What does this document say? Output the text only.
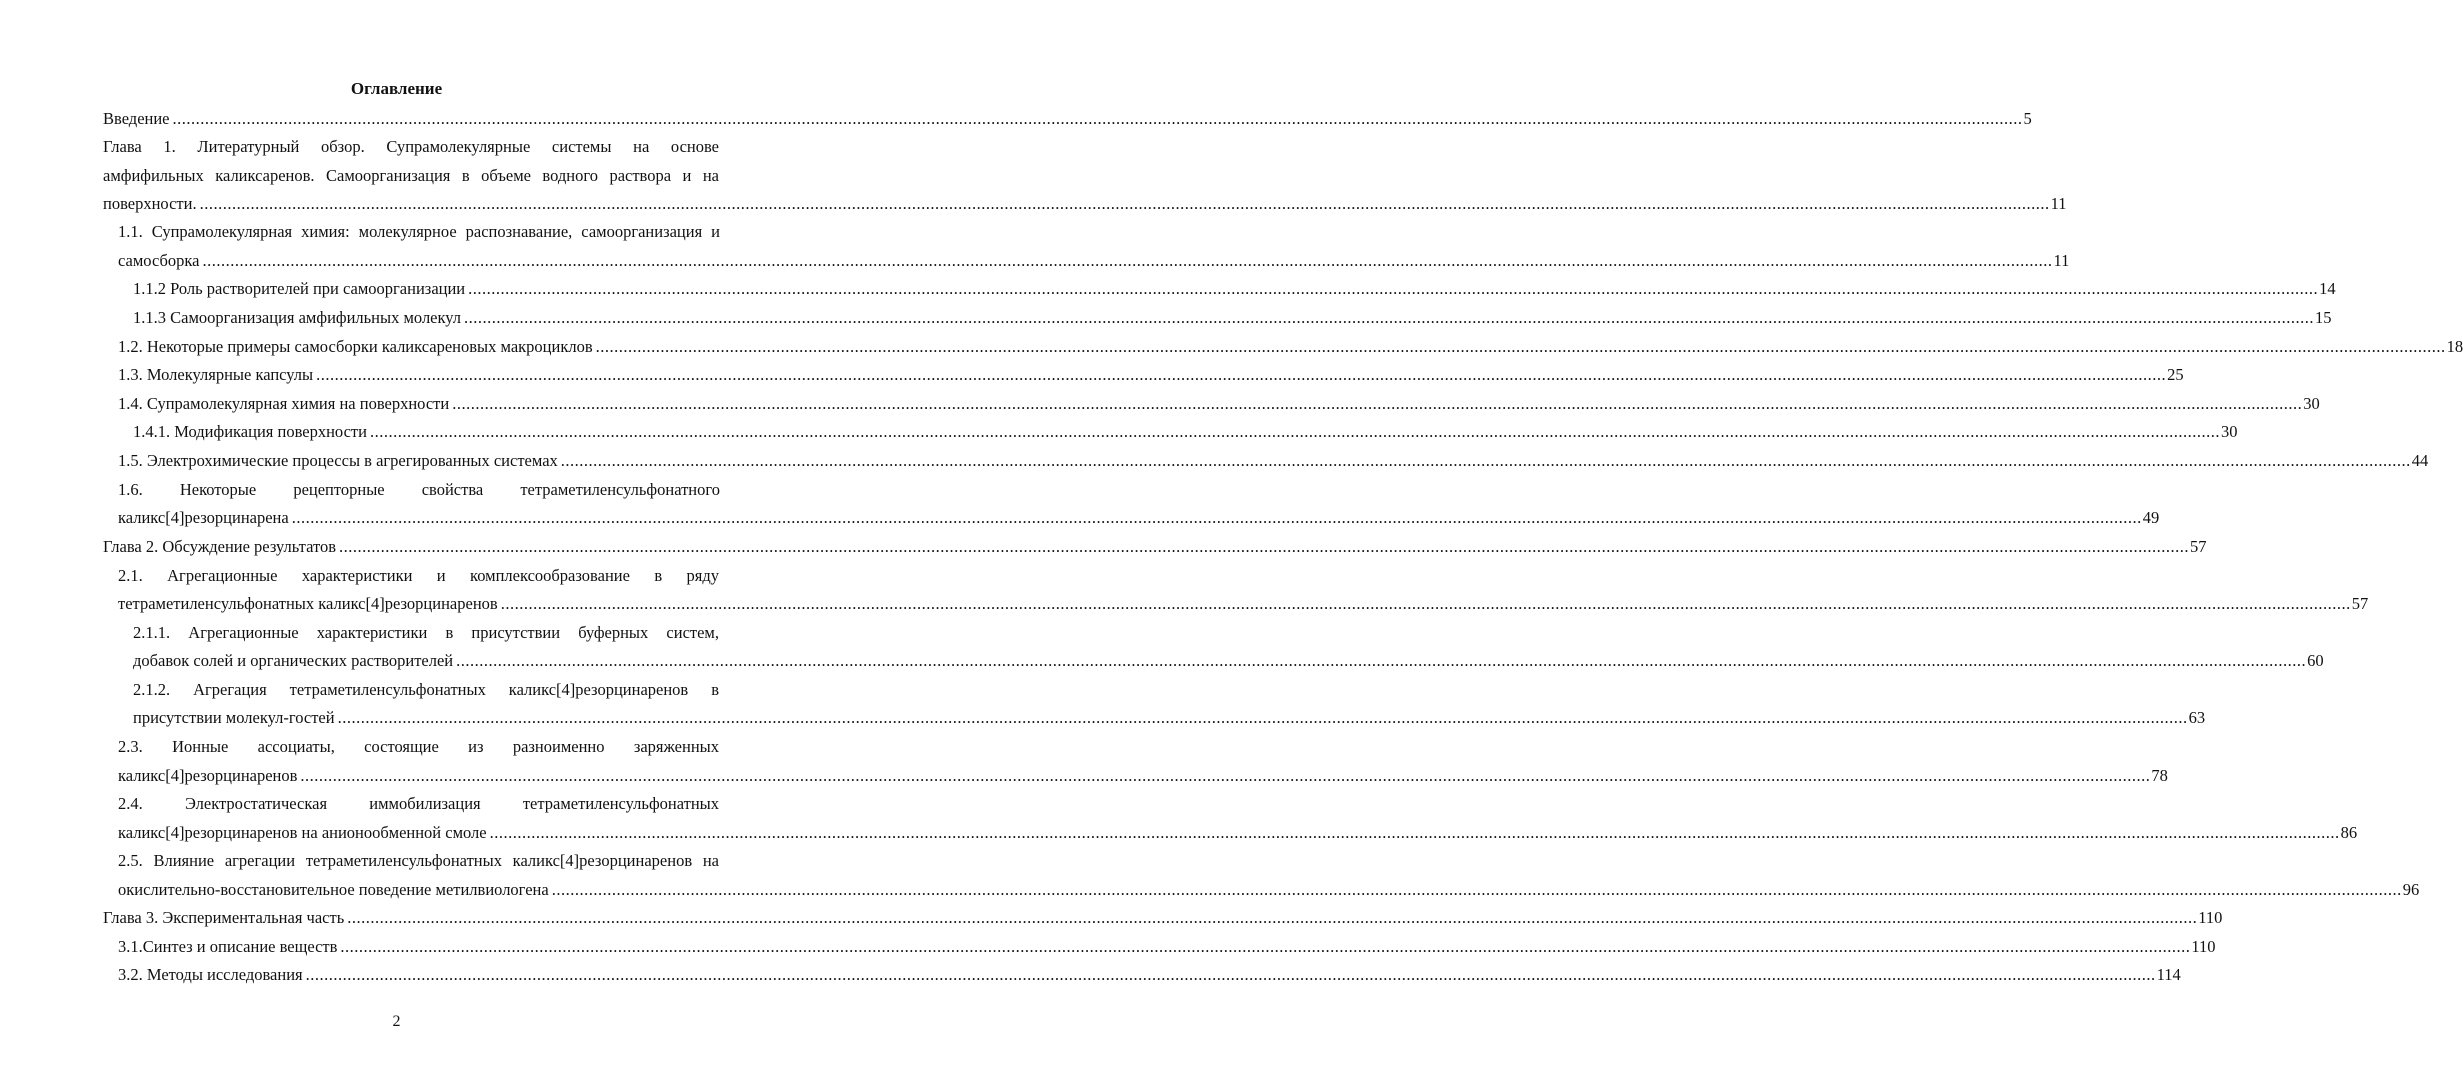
Оглавление
Введение ................................................................................................................................................................................................................................................................................................................................................................................................................ 5
Глава 1. Литературный обзор. Супрамолекулярные системы на основе
амфифильных каликсаренов. Самоорганизация в объеме водного раствора и на
поверхности. ................................................................................................................................................................................................................................................................................................................................................................................................................ 11
1.1. Супрамолекулярная химия: молекулярное распознавание, самоорганизация и
самосборка ................................................................................................................................................................................................................................................................................................................................................................................................................ 11
1.1.2 Роль растворителей при самоорганизации ................................................................................................................................................................................................................................................................................................................................................................................................................ 14
1.1.3 Самоорганизация амфифильных молекул ................................................................................................................................................................................................................................................................................................................................................................................................................ 15
1.2. Некоторые примеры самосборки каликсареновых макроциклов ................................................................................................................................................................................................................................................................................................................................................................................................................ 18
1.3. Молекулярные капсулы ................................................................................................................................................................................................................................................................................................................................................................................................................ 25
1.4. Супрамолекулярная химия на поверхности ................................................................................................................................................................................................................................................................................................................................................................................................................ 30
1.4.1. Модификация поверхности ................................................................................................................................................................................................................................................................................................................................................................................................................ 30
1.5. Электрохимические процессы в агрегированных системах ................................................................................................................................................................................................................................................................................................................................................................................................................ 44
1.6. Некоторые рецепторные свойства тетраметиленсульфонатного
каликс[4]резорцинарена ................................................................................................................................................................................................................................................................................................................................................................................................................ 49
Глава 2. Обсуждение результатов ................................................................................................................................................................................................................................................................................................................................................................................................................ 57
2.1. Агрегационные характеристики и комплексообразование в ряду
тетраметиленсульфонатных каликс[4]резорцинаренов ................................................................................................................................................................................................................................................................................................................................................................................................................ 57
2.1.1. Агрегационные характеристики в присутствии буферных систем,
добавок солей и органических растворителей ................................................................................................................................................................................................................................................................................................................................................................................................................ 60
2.1.2. Агрегация тетраметиленсульфонатных каликс[4]резорцинаренов в
присутствии молекул-гостей ................................................................................................................................................................................................................................................................................................................................................................................................................ 63
2.3. Ионные ассоциаты, состоящие из разноименно заряженных
каликс[4]резорцинаренов ................................................................................................................................................................................................................................................................................................................................................................................................................ 78
2.4. Электростатическая иммобилизация тетраметиленсульфонатных
каликс[4]резорцинаренов на анионообменной смоле ................................................................................................................................................................................................................................................................................................................................................................................................................ 86
2.5. Влияние агрегации тетраметиленсульфонатных каликс[4]резорцинаренов на
окислительно-восстановительное поведение метилвиологена ................................................................................................................................................................................................................................................................................................................................................................................................................ 96
Глава 3. Экспериментальная часть ................................................................................................................................................................................................................................................................................................................................................................................................................ 110
3.1.Синтез и описание веществ ................................................................................................................................................................................................................................................................................................................................................................................................................ 110
3.2. Методы исследования ................................................................................................................................................................................................................................................................................................................................................................................................................ 114
2
